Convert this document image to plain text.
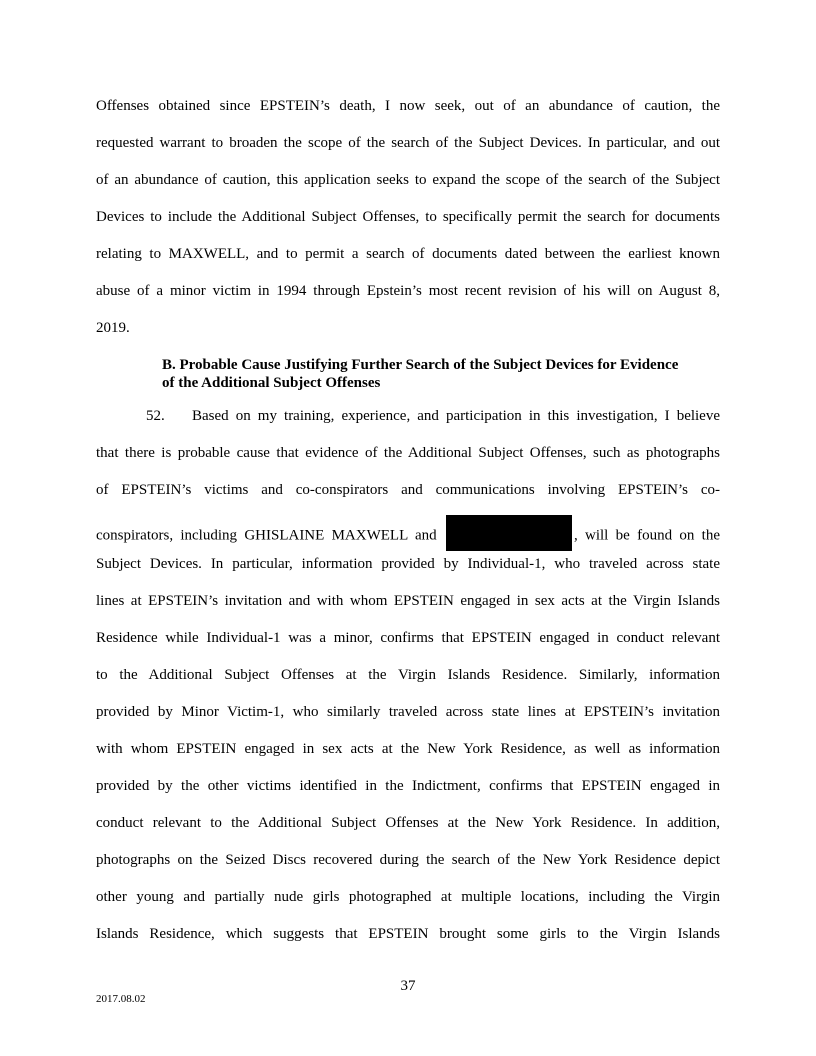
Offenses obtained since EPSTEIN’s death, I now seek, out of an abundance of caution, the
requested warrant to broaden the scope of the search of the Subject Devices. In particular, and out
of an abundance of caution, this application seeks to expand the scope of the search of the Subject
Devices to include the Additional Subject Offenses, to specifically permit the search for documents
relating to MAXWELL, and to permit a search of documents dated between the earliest known
abuse of a minor victim in 1994 through Epstein’s most recent revision of his will on August 8,
2019.
B. Probable Cause Justifying Further Search of the Subject Devices for Evidence
of the Additional Subject Offenses
52. Based on my training, experience, and participation in this investigation, I believe
that there is probable cause that evidence of the Additional Subject Offenses, such as photographs
of EPSTEIN’s victims and co-conspirators and communications involving EPSTEIN’s co-
conspirators, including GHISLAINE MAXWELL and	, will be found on the
Subject Devices. In particular, information provided by Individual-1, who traveled across state
lines at EPSTEIN’s invitation and with whom EPSTEIN engaged in sex acts at the Virgin Islands
Residence while Individual-1 was a minor, confirms that EPSTEIN engaged in conduct relevant
to the Additional Subject Offenses at the Virgin Islands Residence. Similarly, information
provided by Minor Victim-1, who similarly traveled across state lines at EPSTEIN’s invitation
with whom EPSTEIN engaged in sex acts at the New York Residence, as well as information
provided by the other victims identified in the Indictment, confirms that EPSTEIN engaged in
conduct relevant to the Additional Subject Offenses at the New York Residence. In addition,
photographs on the Seized Discs recovered during the search of the New York Residence depict
other young and partially nude girls photographed at multiple locations, including the Virgin
Islands Residence, which suggests that EPSTEIN brought some girls to the Virgin Islands
37
2017.08.02
